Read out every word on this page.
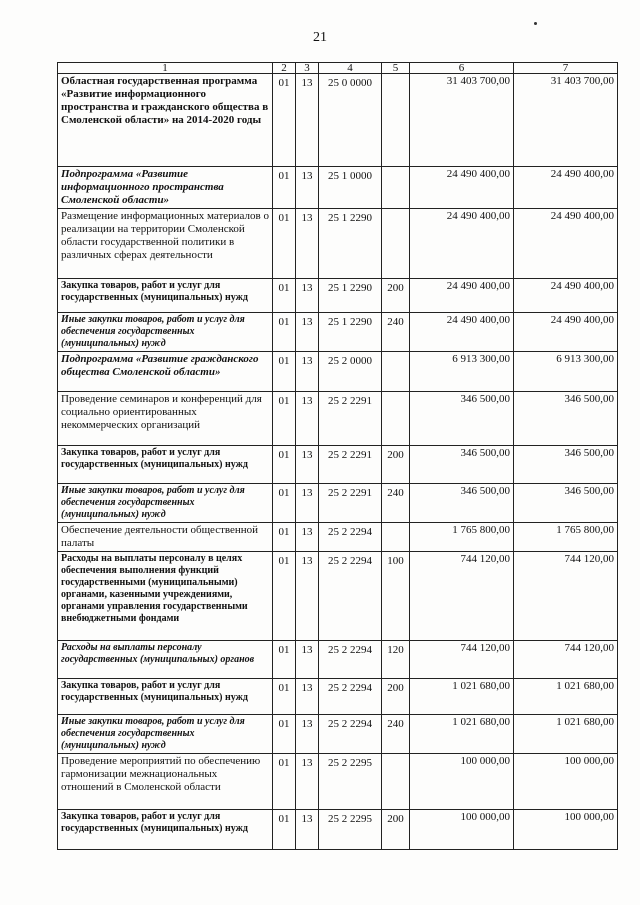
21
1	2	3	4	5	6	7
Областная государственная программа «Развитие информационного пространства и гражданского общества в Смоленской области» на 2014-2020 годы	01	13	25 0 0000		31 403 700,00	31 403 700,00
Подпрограмма «Развитие информационного пространства Смоленской области»	01	13	25 1 0000		24 490 400,00	24 490 400,00
Размещение информационных материалов о реализации на территории Смоленской области государственной политики в различных сферах деятельности	01	13	25 1 2290		24 490 400,00	24 490 400,00
Закупка товаров, работ и услуг для государственных (муниципальных) нужд	01	13	25 1 2290	200	24 490 400,00	24 490 400,00
Иные закупки товаров, работ и услуг для обеспечения государственных (муниципальных) нужд	01	13	25 1 2290	240	24 490 400,00	24 490 400,00
Подпрограмма «Развитие гражданского общества Смоленской области»	01	13	25 2 0000		6 913 300,00	6 913 300,00
Проведение семинаров и конференций для социально ориентированных некоммерческих организаций	01	13	25 2 2291		346 500,00	346 500,00
Закупка товаров, работ и услуг для государственных (муниципальных) нужд	01	13	25 2 2291	200	346 500,00	346 500,00
Иные закупки товаров, работ и услуг для обеспечения государственных (муниципальных) нужд	01	13	25 2 2291	240	346 500,00	346 500,00
Обеспечение деятельности общественной палаты	01	13	25 2 2294		1 765 800,00	1 765 800,00
Расходы на выплаты персоналу в целях обеспечения выполнения функций государственными (муниципальными) органами, казенными учреждениями, органами управления государственными внебюджетными фондами	01	13	25 2 2294	100	744 120,00	744 120,00
Расходы на выплаты персоналу государственных (муниципальных) органов	01	13	25 2 2294	120	744 120,00	744 120,00
Закупка товаров, работ и услуг для государственных (муниципальных) нужд	01	13	25 2 2294	200	1 021 680,00	1 021 680,00
Иные закупки товаров, работ и услуг для обеспечения государственных (муниципальных) нужд	01	13	25 2 2294	240	1 021 680,00	1 021 680,00
Проведение мероприятий по обеспечению гармонизации межнациональных отношений в Смоленской области	01	13	25 2 2295		100 000,00	100 000,00
Закупка товаров, работ и услуг для государственных (муниципальных) нужд	01	13	25 2 2295	200	100 000,00	100 000,00
